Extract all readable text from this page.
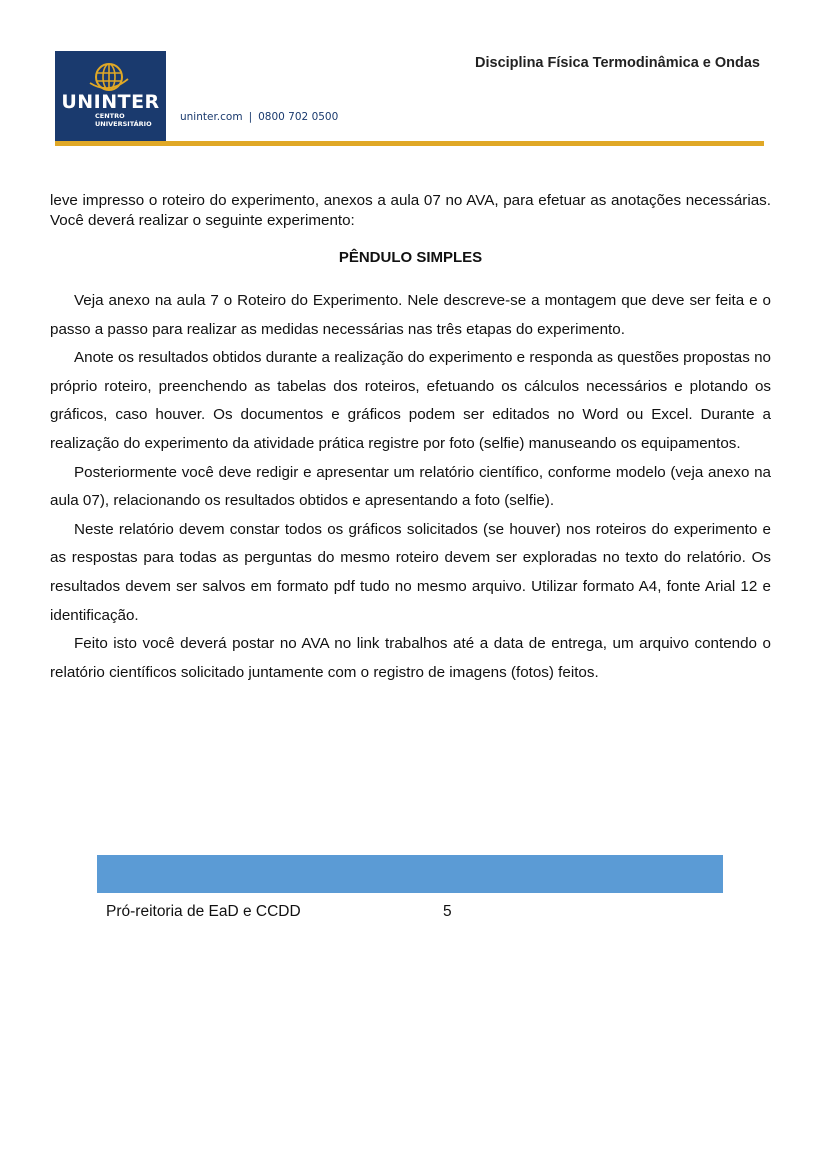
Disciplina Física Termodinâmica e Ondas
UNINTER
CENTRO
UNIVERSITÁRIO
uninter.com | 0800 702 0500

leve impresso o roteiro do experimento, anexos a aula 07 no AVA, para efetuar as anotações necessárias. Você deverá realizar o seguinte experimento:

PÊNDULO SIMPLES

Veja anexo na aula 7 o Roteiro do Experimento. Nele descreve-se a montagem que deve ser feita e o passo a passo para realizar as medidas necessárias nas três etapas do experimento.

Anote os resultados obtidos durante a realização do experimento e responda as questões propostas no próprio roteiro, preenchendo as tabelas dos roteiros, efetuando os cálculos necessários e plotando os gráficos, caso houver. Os documentos e gráficos podem ser editados no Word ou Excel. Durante a realização do experimento da atividade prática registre por foto (selfie) manuseando os equipamentos.

Posteriormente você deve redigir e apresentar um relatório científico, conforme modelo (veja anexo na aula 07), relacionando os resultados obtidos e apresentando a foto (selfie).

Neste relatório devem constar todos os gráficos solicitados (se houver) nos roteiros do experimento e as respostas para todas as perguntas do mesmo roteiro devem ser exploradas no texto do relatório. Os resultados devem ser salvos em formato pdf tudo no mesmo arquivo. Utilizar formato A4, fonte Arial 12 e identificação.

Feito isto você deverá postar no AVA no link trabalhos até a data de entrega, um arquivo contendo o relatório científicos solicitado juntamente com o registro de imagens (fotos) feitos.

Pró-reitoria de EaD e CCDD	5
